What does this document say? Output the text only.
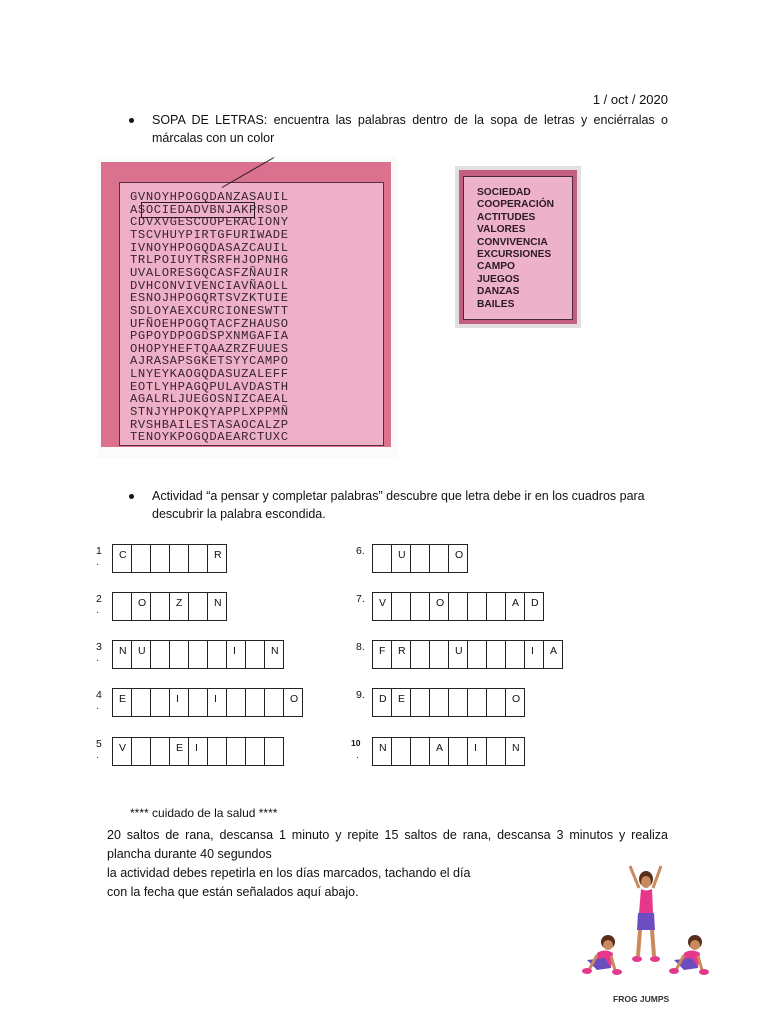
1 / oct / 2020
SOPA DE LETRAS: encuentra las palabras dentro de la sopa de letras y enciérralas o
márcalas con un color
GVNOYHPOGQDANZASAUIL
ASOCIEDADVBNJAKPRSOP
CDVXVGESCOOPERACIONY
TSCVHUYPIRTGFURIWADE
IVNOYHPOGQDASAZCAUIL
TRLPOIUYTRSRFHJOPNHG
UVALORESGQCASFZÑAUIR
DVHCONVIVENCIAVÑAOLL
ESNOJHPOGQRTSVZKTUIE
SDLOYAEXCURCIONESWTT
UFÑOEHPOGQTACFZHAUSO
PGPOYDPOGDSPXNMGAFIA
OHOPYHEFTQAAZRZFUUES
AJRASAPSGKETSYYCAMPO
LNYEYKAOGQDASUZALEFF
EOTLYHPAGQPULAVDASTH
AGALRLJUEGOSNIZCAEAL
STNJYHPOKQYAPPLXPPMÑ
RVSHBAILESTASAOCALZP
TENOYKPOGQDAEARCTUXC
SOCIEDAD
COOPERACIÓN
ACTITUDES
VALORES
CONVIVENCIA
EXCURSIONES
CAMPO
JUEGOS
DANZAS
BAILES
Actividad “a pensar y completar palabras” descubre que letra debe ir en los cuadros para
descubrir la palabra escondida.
1
·
C	R
2
·
O	Z	N
3
·
N	U	I	N
4
·
E	I	I	O
5
·
V	E	I
6.	U	O
7.	V	O	A	D
8.	F	R	U	I	A
9.	D	E	O
10
·
N	A	I	N
**** cuidado de la salud ****
20 saltos de rana, descansa 1 minuto y repite 15 saltos de rana, descansa 3 minutos y realiza
plancha durante 40 segundos
la actividad debes repetirla en los días marcados, tachando el día
con la fecha que están señalados aquí abajo.
FROG JUMPS
